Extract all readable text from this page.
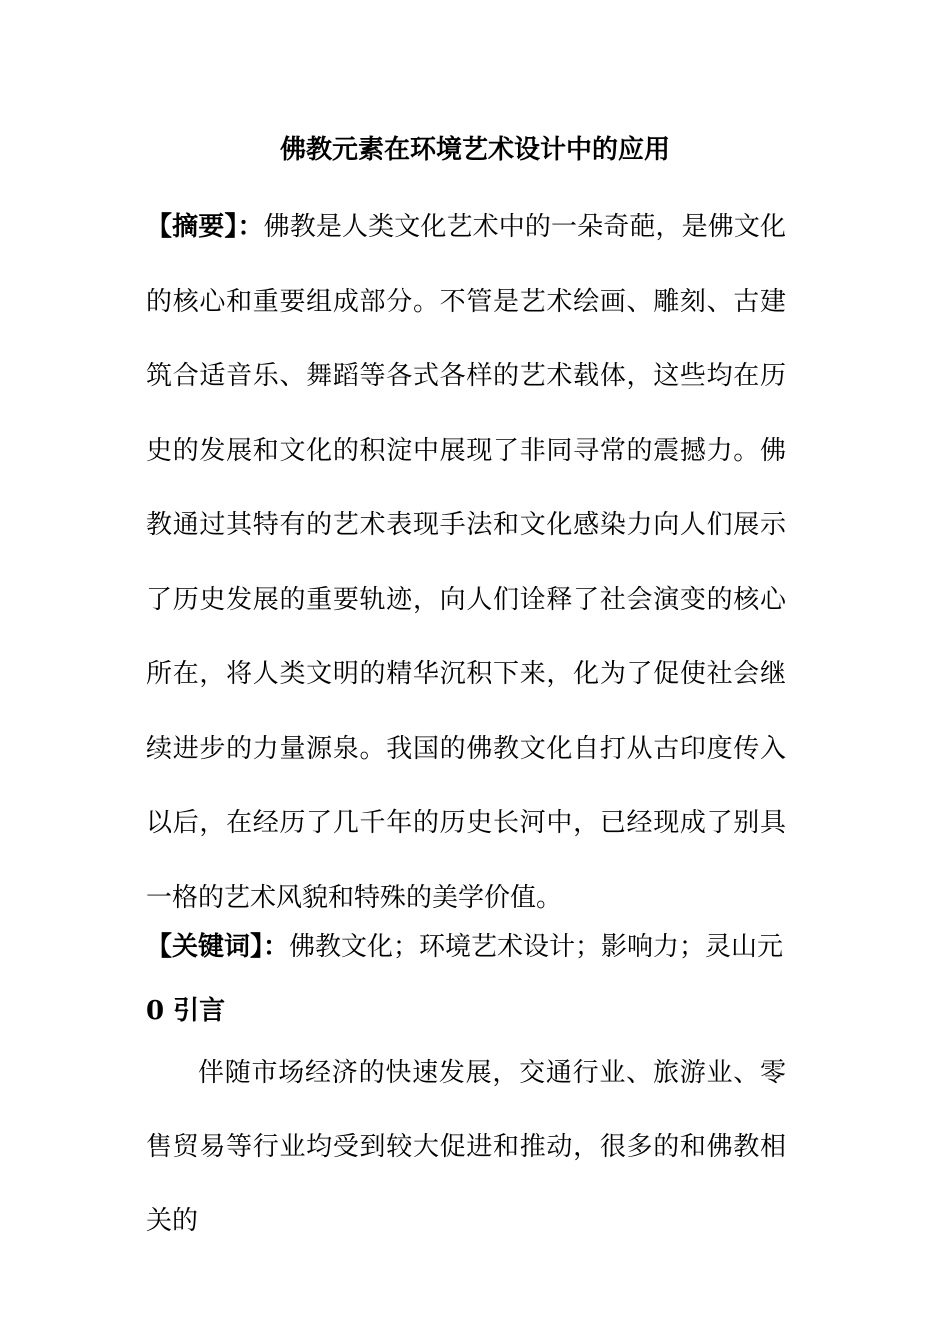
佛教元素在环境艺术设计中的应用

【摘要】：佛教是人类文化艺术中的一朵奇葩，是佛文化的核心和重要组成部分。不管是艺术绘画、雕刻、古建筑合适音乐、舞蹈等各式各样的艺术载体，这些均在历史的发展和文化的积淀中展现了非同寻常的震撼力。佛教通过其特有的艺术表现手法和文化感染力向人们展示了历史发展的重要轨迹，向人们诠释了社会演变的核心所在，将人类文明的精华沉积下来，化为了促使社会继续进步的力量源泉。我国的佛教文化自打从古印度传入以后，在经历了几千年的历史长河中，已经现成了别具一格的艺术风貌和特殊的美学价值。

【关键词】：佛教文化；环境艺术设计；影响力；灵山元

0 引言

伴随市场经济的快速发展，交通行业、旅游业、零售贸易等行业均受到较大促进和推动，很多的和佛教相关的
